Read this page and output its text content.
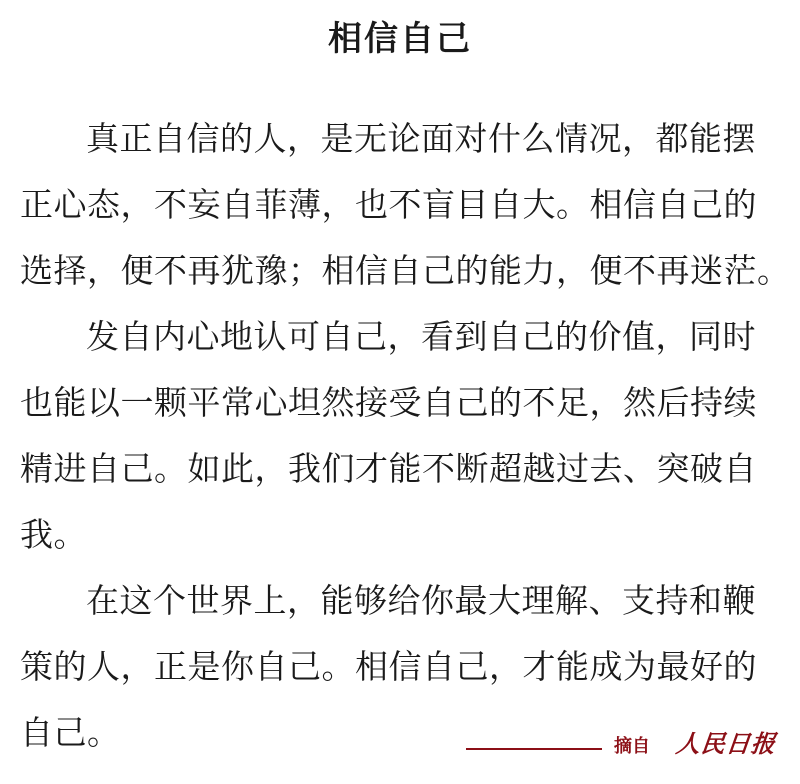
相信自己
真正自信的人，是无论面对什么情况，都能摆
正心态，不妄自菲薄，也不盲目自大。相信自己的
选择，便不再犹豫；相信自己的能力，便不再迷茫。
发自内心地认可自己，看到自己的价值，同时
也能以一颗平常心坦然接受自己的不足，然后持续
精进自己。如此，我们才能不断超越过去、突破自
我。
在这个世界上，能够给你最大理解、支持和鞭
策的人，正是你自己。相信自己，才能成为最好的
自己。	摘自 人民日报
